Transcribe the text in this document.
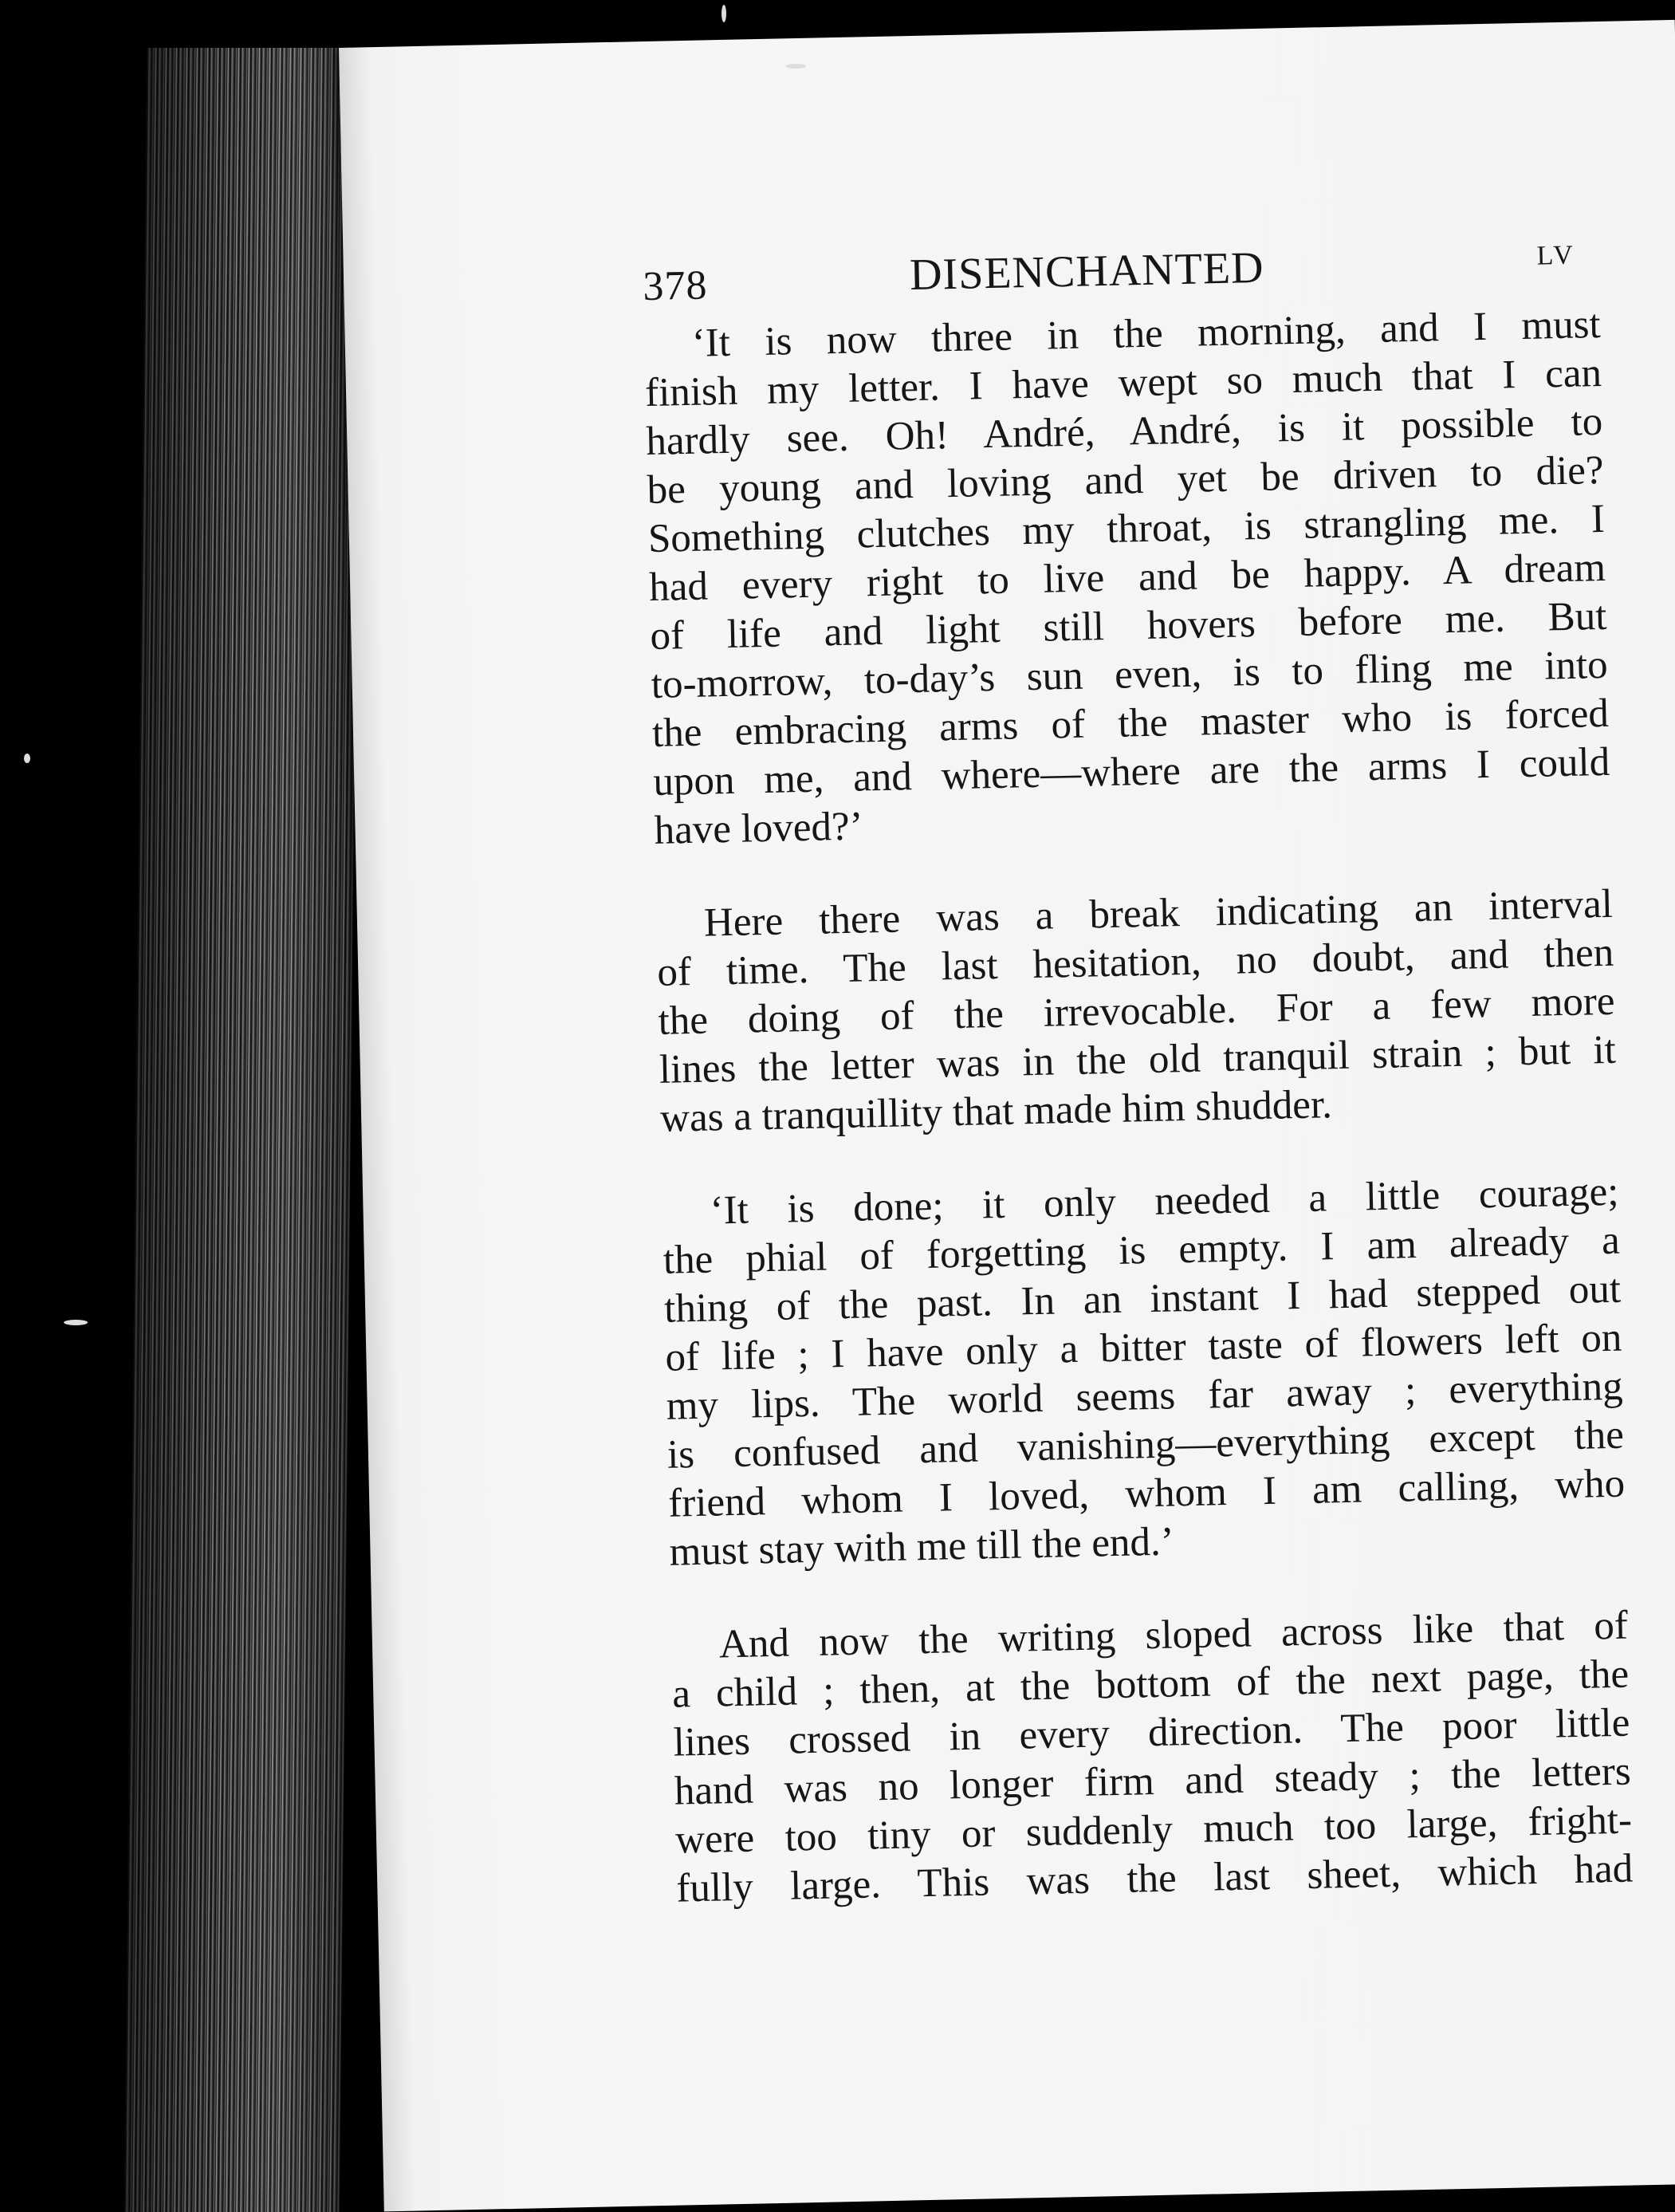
378	DISENCHANTED	LV

‘It is now three in the morning, and I must
finish my letter. I have wept so much that I can
hardly see. Oh! André, André, is it possible to
be young and loving and yet be driven to die?
Something clutches my throat, is strangling me. I
had every right to live and be happy. A dream
of life and light still hovers before me. But
to-morrow, to-day’s sun even, is to fling me into
the embracing arms of the master who is forced
upon me, and where—where are the arms I could
have loved?’

Here there was a break indicating an interval
of time. The last hesitation, no doubt, and then
the doing of the irrevocable. For a few more
lines the letter was in the old tranquil strain ; but it
was a tranquillity that made him shudder.

‘It is done; it only needed a little courage;
the phial of forgetting is empty. I am already a
thing of the past. In an instant I had stepped out
of life ; I have only a bitter taste of flowers left on
my lips. The world seems far away ; everything
is confused and vanishing—everything except the
friend whom I loved, whom I am calling, who
must stay with me till the end.’

And now the writing sloped across like that of
a child ; then, at the bottom of the next page, the
lines crossed in every direction. The poor little
hand was no longer firm and steady ; the letters
were too tiny or suddenly much too large, fright-
fully large. This was the last sheet, which had
